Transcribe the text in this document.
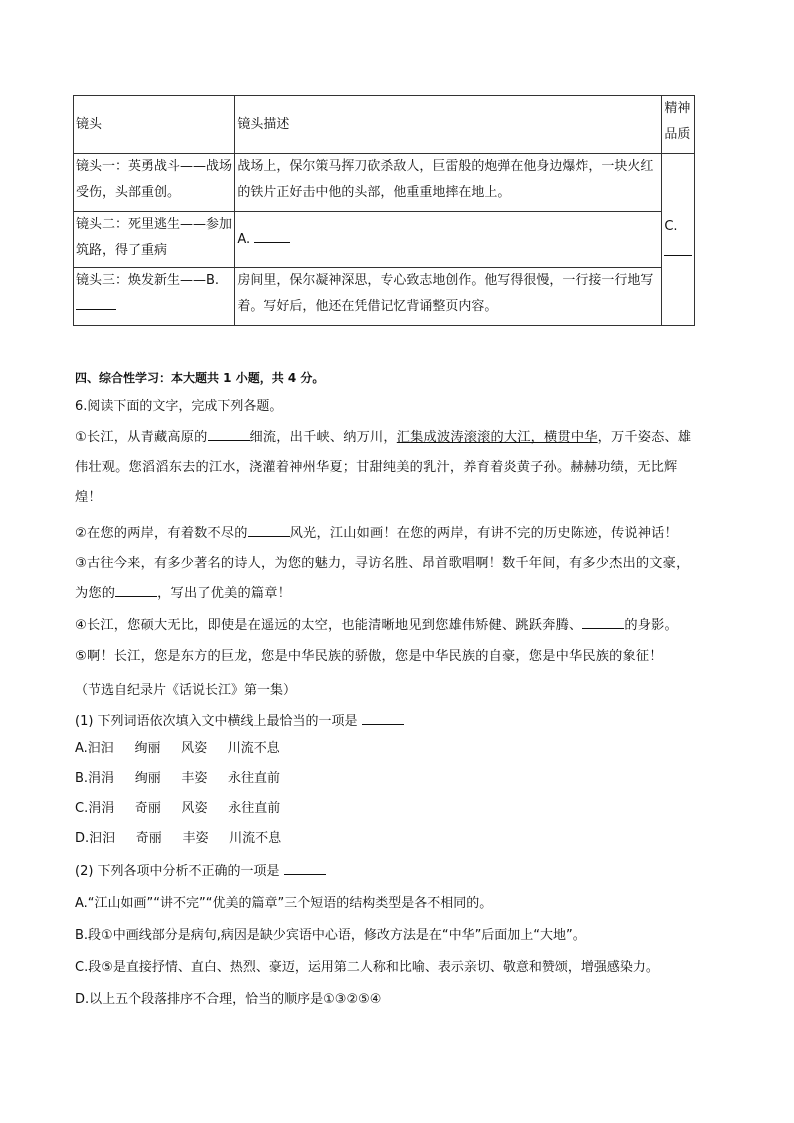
镜头	镜头描述	精神品质
镜头一：英勇战斗——战场受伤，头部重创。	战场上，保尔策马挥刀砍杀敌人，巨雷般的炮弹在他身边爆炸，一块火红的铁片正好击中他的头部，他重重地摔在地上。	C.

镜头二：死里逃生——参加筑路，得了重病	A.	
镜头三：焕发新生——B.	房间里，保尔凝神深思，专心致志地创作。他写得很慢，一行接一行地写着。写好后，他还在凭借记忆背诵整页内容。	
四、综合性学习：本大题共 1 小题，共 4 分。
6.阅读下面的文字，完成下列各题。
①长江，从青藏高原的	细流，出千峡、纳万川，汇集成波涛滚滚的大江，横贯中华，万千姿态、雄
伟壮观。您滔滔东去的江水，浇灌着神州华夏；甘甜纯美的乳汁，养育着炎黄子孙。赫赫功绩，无比辉
煌！
②在您的两岸，有着数不尽的	风光，江山如画！在您的两岸，有讲不完的历史陈迹，传说神话！
③古往今来，有多少著名的诗人，为您的魅力，寻访名胜、昂首歌唱啊！数千年间，有多少杰出的文豪，
为您的	，写出了优美的篇章！
④长江，您硕大无比，即使是在遥远的太空，也能清晰地见到您雄伟矫健、跳跃奔腾、	的身影。
⑤啊！长江，您是东方的巨龙，您是中华民族的骄傲，您是中华民族的自豪，您是中华民族的象征！
（节选自纪录片《话说长江》第一集）
(1) 下列词语依次填入文中横线上最恰当的一项是
A.汩汩     绚丽     风姿     川流不息
B.涓涓     绚丽     丰姿     永往直前
C.涓涓     奇丽     风姿     永往直前
D.汩汩     奇丽     丰姿     川流不息
(2) 下列各项中分析不正确的一项是
A.“江山如画”“讲不完”“优美的篇章”三个短语的结构类型是各不相同的。
B.段①中画线部分是病句,病因是缺少宾语中心语，修改方法是在“中华”后面加上“大地”。
C.段⑤是直接抒情、直白、热烈、豪迈，运用第二人称和比喻、表示亲切、敬意和赞颂，增强感染力。
D.以上五个段落排序不合理，恰当的顺序是①③②⑤④
